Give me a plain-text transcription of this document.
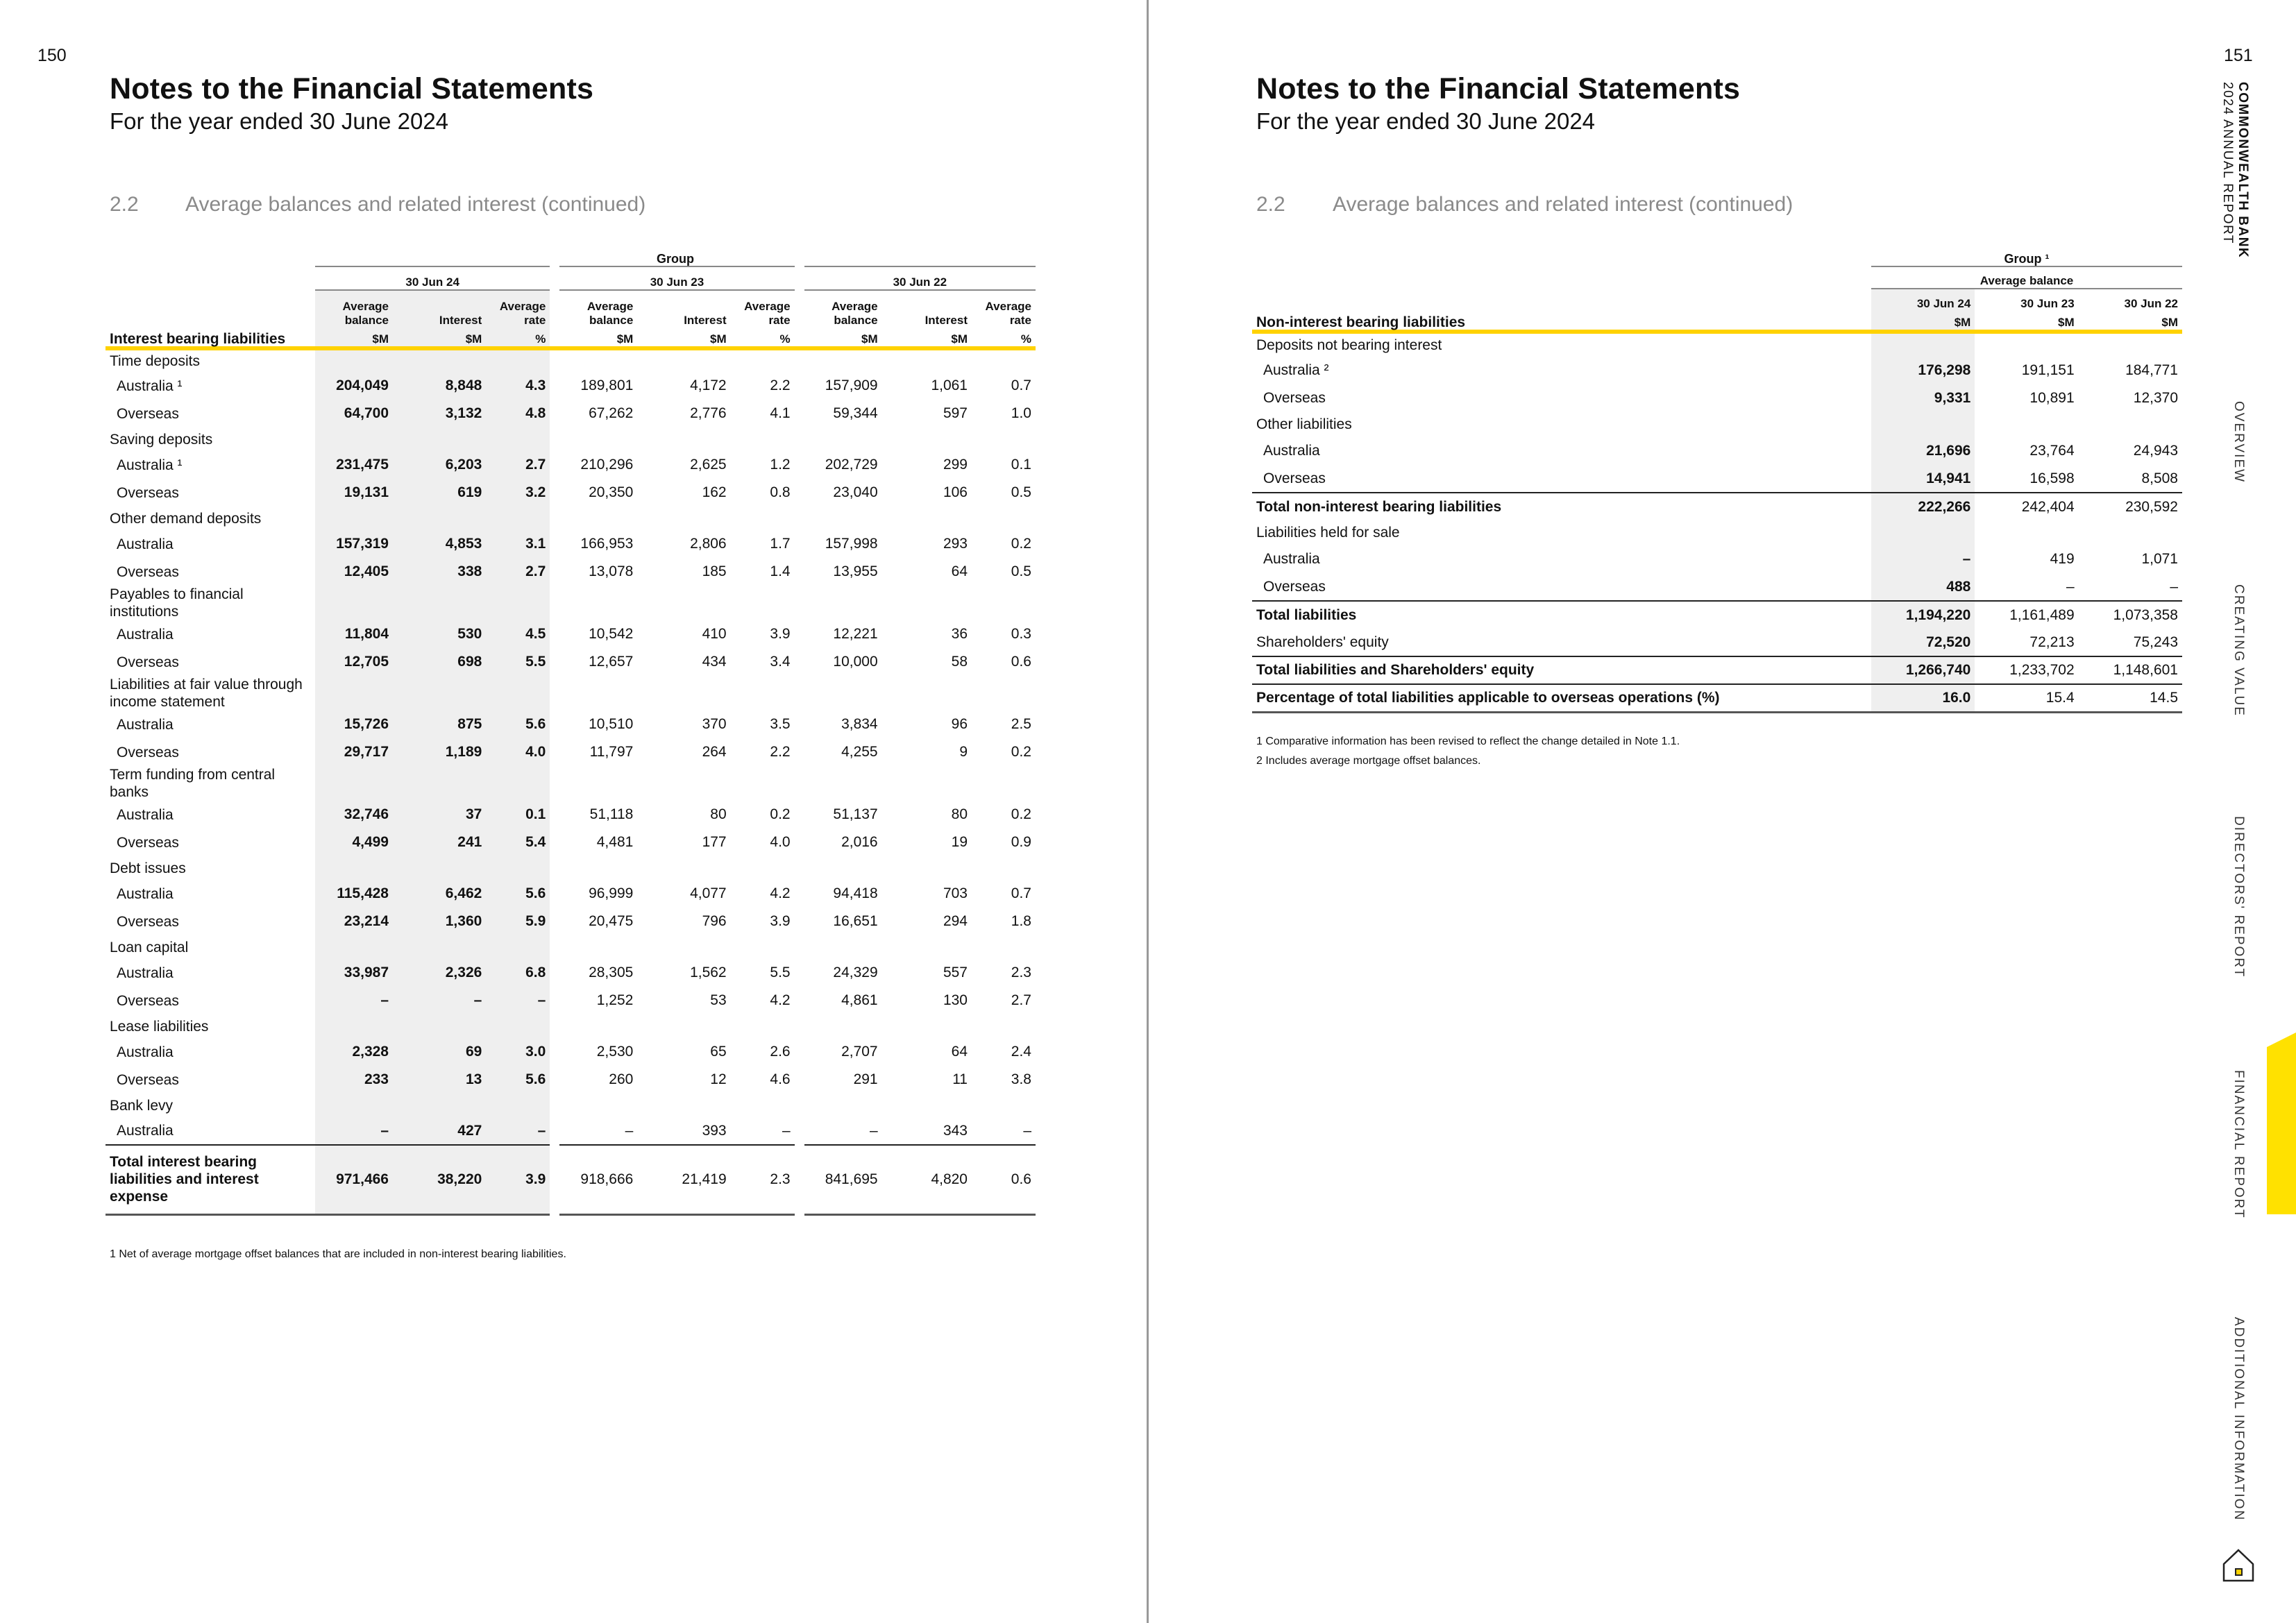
150
Notes to the Financial Statements
For the year ended 30 June 2024
2.2 Average balances and related interest (continued)
	Group										
	30 Jun 24				30 Jun 23				30 Jun 22		
	Average balance	Interest	Average rate		Average balance	Interest	Average rate		Average balance	Interest	Average rate
Interest bearing liabilities	$M	$M	%		$M	$M	%		$M	$M	%
Time deposits											
Australia ¹	204,049	8,848	4.3		189,801	4,172	2.2		157,909	1,061	0.7
Overseas	64,700	3,132	4.8		67,262	2,776	4.1		59,344	597	1.0
Saving deposits											
Australia ¹	231,475	6,203	2.7		210,296	2,625	1.2		202,729	299	0.1
Overseas	19,131	619	3.2		20,350	162	0.8		23,040	106	0.5
Other demand deposits											
Australia	157,319	4,853	3.1		166,953	2,806	1.7		157,998	293	0.2
Overseas	12,405	338	2.7		13,078	185	1.4		13,955	64	0.5
Payables to financial institutions											
Australia	11,804	530	4.5		10,542	410	3.9		12,221	36	0.3
Overseas	12,705	698	5.5		12,657	434	3.4		10,000	58	0.6
Liabilities at fair value through income statement											
Australia	15,726	875	5.6		10,510	370	3.5		3,834	96	2.5
Overseas	29,717	1,189	4.0		11,797	264	2.2		4,255	9	0.2
Term funding from central banks											
Australia	32,746	37	0.1		51,118	80	0.2		51,137	80	0.2
Overseas	4,499	241	5.4		4,481	177	4.0		2,016	19	0.9
Debt issues											
Australia	115,428	6,462	5.6		96,999	4,077	4.2		94,418	703	0.7
Overseas	23,214	1,360	5.9		20,475	796	3.9		16,651	294	1.8
Loan capital											
Australia	33,987	2,326	6.8		28,305	1,562	5.5		24,329	557	2.3
Overseas	–	–	–		1,252	53	4.2		4,861	130	2.7
Lease liabilities											
Australia	2,328	69	3.0		2,530	65	2.6		2,707	64	2.4
Overseas	233	13	5.6		260	12	4.6		291	11	3.8
Bank levy											
Australia	–	427	–		–	393	–		–	343	–
Total interest bearing liabilities and interest expense	971,466	38,220	3.9		918,666	21,419	2.3		841,695	4,820	0.6
1 Net of average mortgage offset balances that are included in non-interest bearing liabilities.
151
Notes to the Financial Statements
For the year ended 30 June 2024
2.2 Average balances and related interest (continued)
	Group ¹		
	Average balance		
	30 Jun 24	30 Jun 23	30 Jun 22
Non-interest bearing liabilities	$M	$M	$M
Deposits not bearing interest			
Australia ²	176,298	191,151	184,771
Overseas	9,331	10,891	12,370
Other liabilities			
Australia	21,696	23,764	24,943
Overseas	14,941	16,598	8,508
Total non-interest bearing liabilities	222,266	242,404	230,592
Liabilities held for sale			
Australia	–	419	1,071
Overseas	488	–	–
Total liabilities	1,194,220	1,161,489	1,073,358
Shareholders' equity	72,520	72,213	75,243
Total liabilities and Shareholders' equity	1,266,740	1,233,702	1,148,601
Percentage of total liabilities applicable to overseas operations (%)	16.0	15.4	14.5
1 Comparative information has been revised to reflect the change detailed in Note 1.1.
2 Includes average mortgage offset balances.
COMMONWEALTH BANK
2024 ANNUAL REPORT
OVERVIEW
CREATING VALUE
DIRECTORS' REPORT
FINANCIAL REPORT
ADDITIONAL INFORMATION
